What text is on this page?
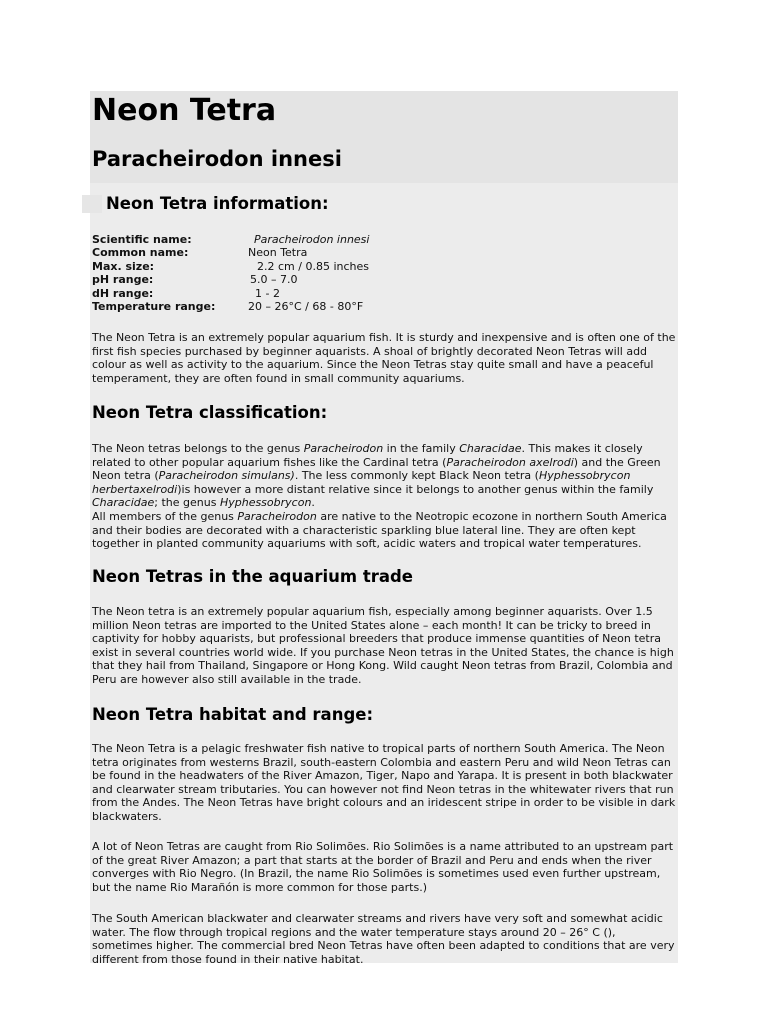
Neon Tetra
Paracheirodon innesi
Neon Tetra information:
Scientific name:	Paracheirodon innesi
Common name:	Neon Tetra
Max. size:	2.2 cm / 0.85 inches
pH range:	5.0 – 7.0
dH range:	1 - 2
Temperature range:	20 – 26°C / 68 - 80°F

The Neon Tetra is an extremely popular aquarium fish. It is sturdy and inexpensive and is often one of the first fish species purchased by beginner aquarists. A shoal of brightly decorated Neon Tetras will add colour as well as activity to the aquarium. Since the Neon Tetras stay quite small and have a peaceful temperament, they are often found in small community aquariums.

Neon Tetra classification:

The Neon tetras belongs to the genus Paracheirodon in the family Characidae. This makes it closely related to other popular aquarium fishes like the Cardinal tetra (Paracheirodon axelrodi) and the Green Neon tetra (Paracheirodon simulans). The less commonly kept Black Neon tetra (Hyphessobrycon herbertaxelrodi)is however a more distant relative since it belongs to another genus within the family Characidae; the genus Hyphessobrycon.
All members of the genus Paracheirodon are native to the Neotropic ecozone in northern South America and their bodies are decorated with a characteristic sparkling blue lateral line. They are often kept together in planted community aquariums with soft, acidic waters and tropical water temperatures.

Neon Tetras in the aquarium trade

The Neon tetra is an extremely popular aquarium fish, especially among beginner aquarists. Over 1.5 million Neon tetras are imported to the United States alone – each month! It can be tricky to breed in captivity for hobby aquarists, but professional breeders that produce immense quantities of Neon tetra exist in several countries world wide. If you purchase Neon tetras in the United States, the chance is high that they hail from Thailand, Singapore or Hong Kong. Wild caught Neon tetras from Brazil, Colombia and Peru are however also still available in the trade.

Neon Tetra habitat and range:

The Neon Tetra is a pelagic freshwater fish native to tropical parts of northern South America. The Neon tetra originates from westerns Brazil, south-eastern Colombia and eastern Peru and wild Neon Tetras can be found in the headwaters of the River Amazon, Tiger, Napo and Yarapa. It is present in both blackwater and clearwater stream tributaries. You can however not find Neon tetras in the whitewater rivers that run from the Andes. The Neon Tetras have bright colours and an iridescent stripe in order to be visible in dark blackwaters.

A lot of Neon Tetras are caught from Rio Solimões. Rio Solimões is a name attributed to an upstream part of the great River Amazon; a part that starts at the border of Brazil and Peru and ends when the river converges with Rio Negro. (In Brazil, the name Rio Solimões is sometimes used even further upstream, but the name Rio Marañón is more common for those parts.)

The South American blackwater and clearwater streams and rivers have very soft and somewhat acidic water. The flow through tropical regions and the water temperature stays around 20 – 26° C (), sometimes higher. The commercial bred Neon Tetras have often been adapted to conditions that are very different from those found in their native habitat.
